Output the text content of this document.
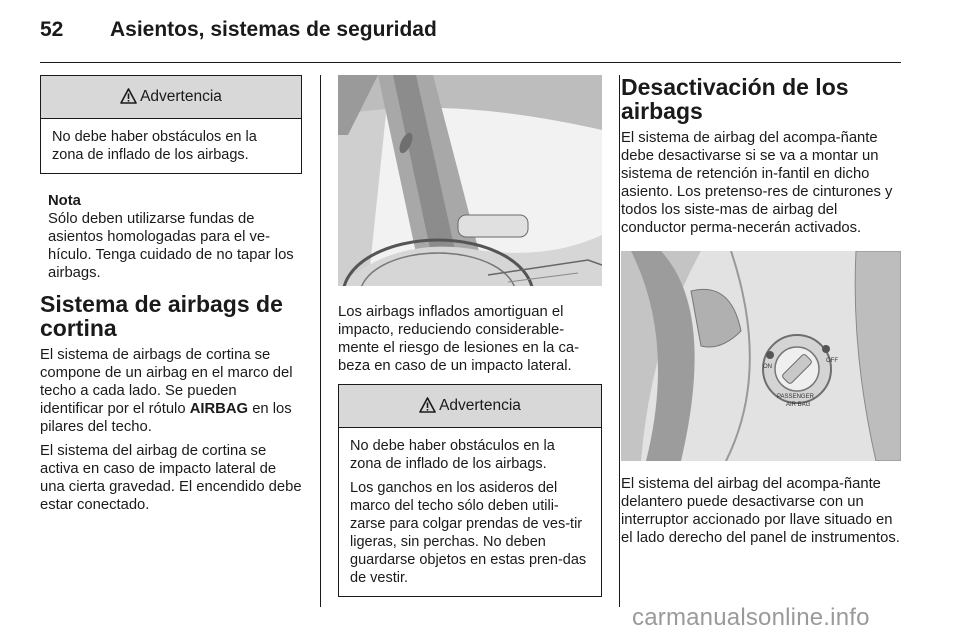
52 Asientos, sistemas de seguridad
Advertencia

No debe haber obstáculos en la zona de inflado de los airbags.

Nota
Sólo deben utilizarse fundas de asientos homologadas para el ve-hículo. Tenga cuidado de no tapar los airbags.
Sistema de airbags de cortina

El sistema de airbags de cortina se compone de un airbag en el marco del techo a cada lado. Se pueden identificar por el rótulo AIRBAG en los pilares del techo.

El sistema del airbag de cortina se activa en caso de impacto lateral de una cierta gravedad. El encendido debe estar conectado.

Los airbags inflados amortiguan el impacto, reduciendo considerable-mente el riesgo de lesiones en la ca-beza en caso de un impacto lateral.

Advertencia

No debe haber obstáculos en la zona de inflado de los airbags.

Los ganchos en los asideros del marco del techo sólo deben utili-zarse para colgar prendas de ves-tir ligeras, sin perchas. No deben guardarse objetos en estas pren-das de vestir.

Desactivación de los airbags

El sistema de airbag del acompa-ñante debe desactivarse si se va a montar un sistema de retención in-fantil en dicho asiento. Los pretenso-res de cinturones y todos los siste-mas de airbag del conductor perma-necerán activados.

ON
OFF
PASSENGER
AIR BAG

El sistema del airbag del acompa-ñante delantero puede desactivarse con un interruptor accionado por llave situado en el lado derecho del panel de instrumentos.

carmanualsonline.info
